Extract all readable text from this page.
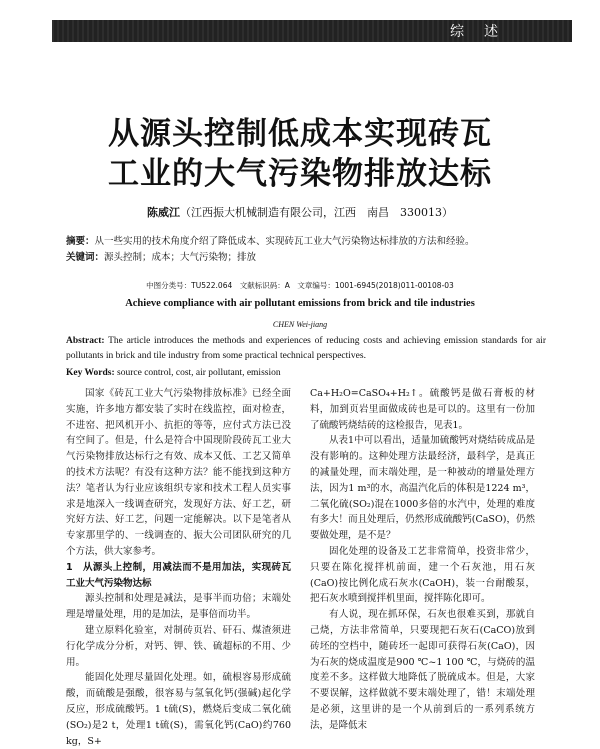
综述
从源头控制低成本实现砖瓦
工业的大气污染物排放达标
陈威江（江西振大机械制造有限公司，江西　南昌　330013）
摘要：从一些实用的技术角度介绍了降低成本、实现砖瓦工业大气污染物达标排放的方法和经验。
关键词：源头控制；成本；大气污染物；排放
中图分类号：TU522.064　文献标识码：A　文章编号：1001-6945(2018)011-00108-03
Achieve compliance with air pollutant emissions from brick and tile industries
CHEN Wei-jiang
Abstract: The article introduces the methods and experiences of reducing costs and achieving emission standards for air pollutants in brick and tile industry from some practical technical perspectives.
Key Words: source control, cost, air pollutant, emission

国家《砖瓦工业大气污染物排放标准》已经全面实施，许多地方都安装了实时在线监控，面对检查，不进窑、把风机开小、抗拒的等等，应付式方法已没有空间了。但是，什么是符合中国现阶段砖瓦工业大气污染物排放达标行之有效、成本又低、工艺又简单的技术方法呢？有没有这种方法？能不能找到这种方法？笔者认为行业应该组织专家和技术工程人员实事求是地深入一线调查研究，发现好方法、好工艺，研究好方法、好工艺，问题一定能解决。以下是笔者从专家那里学的、一线调查的、振大公司团队研究的几个方法，供大家参考。

1　从源头上控制，用减法而不是用加法，实现砖瓦工业大气污染物达标

源头控制和处理是减法，是事半而功倍；末端处理是增量处理，用的是加法，是事倍而功半。

建立原料化验室，对制砖页岩、矸石、煤渣须进行化学成分分析，对钙、钾、铁、硫超标的不用、少用。

能固化处理尽量固化处理。如，硫根容易形成硫酸，而硫酸是强酸，很容易与氢氧化钙(强碱)起化学反应，形成硫酸钙。1 t硫(S)，燃烧后变成二氧化硫(SO₂)是2 t，处理1 t硫(S)，需氧化钙(CaO)约760 kg，S+

Ca+H₂O=CaSO₄+H₂↑。硫酸钙是做石膏板的材料，加到页岩里面做成砖也是可以的。这里有一份加了硫酸钙烧结砖的这检报告，见表1。

从表1中可以看出，适量加硫酸钙对烧结砖成品是没有影响的。这种处理方法最经济，最科学，是真正的减量处理，而末端处理，是一种被动的增量处理方法，因为1 m³的水，高温汽化后的体积是1224 m³，二氧化硫(SO₂)混在1000多倍的水汽中，处理的难度有多大！而且处理后，仍然形成硫酸钙(CaSO)，仍然要做处理，是不是？

固化处理的设备及工艺非常简单，投资非常少，只要在陈化搅拌机前面，建一个石灰池，用石灰(CaO)按比例化成石灰水(CaOH)，装一台耐酸泵，把石灰水喷到搅拌机里面，搅拌陈化即可。

有人说，现在抓环保，石灰也很难买到，那就自己烧，方法非常简单，只要现把石灰石(CaCO)放到砖坯的空档中，随砖坯一起即可获得石灰(CaO)，因为石灰的烧成温度是900 ℃~1 100 ℃，与烧砖的温度差不多。这样做大地降低了脱硫成本。但是，大家不要误解，这样做就不要末端处理了，错！末端处理是必须，这里讲的是一个从前到后的一系列系统方法，是降低末
